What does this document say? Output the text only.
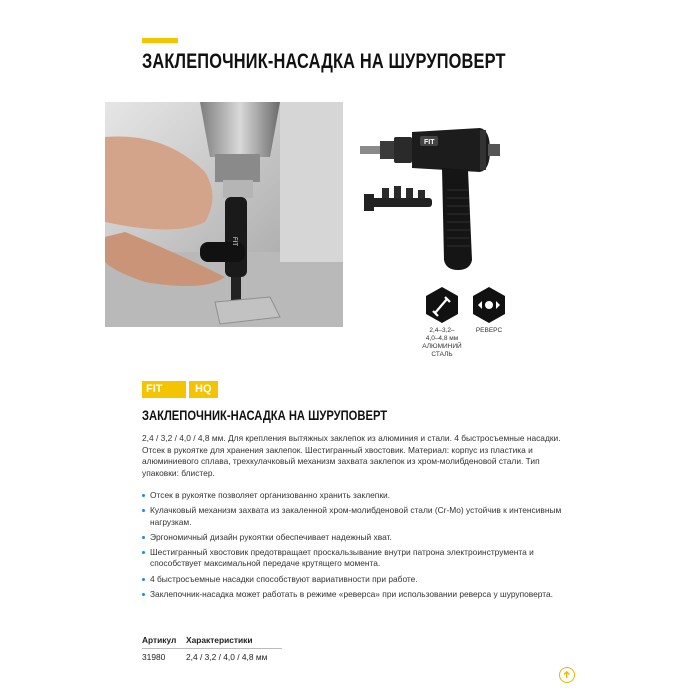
ЗАКЛЕПОЧНИК-НАСАДКА НА ШУРУПОВЕРТ
FIT
FIT
2,4–3,2–
4,0–4,8 мм
АЛЮМИНИЙ
СТАЛЬ
РЕВЕРС
FIT	HQ
ЗАКЛЕПОЧНИК-НАСАДКА НА ШУРУПОВЕРТ
2,4 / 3,2 / 4,0 / 4,8 мм. Для крепления вытяжных заклепок из алюминия и стали. 4 быстросъемные насадки. Отсек в рукоятке для хранения заклепок. Шестигранный хвостовик. Материал: корпус из пластика и алюминиевого сплава, трехкулачковый механизм захвата заклепок из хром-молибденовой стали. Тип упаковки: блистер.
Отсек в рукоятке позволяет организованно хранить заклепки.
Кулачковый механизм захвата из закаленной хром-молибденовой стали (Cr-Mo) устойчив к интенсивным нагрузкам.
Эргономичный дизайн рукоятки обеспечивает надежный хват.
Шестигранный хвостовик предотвращает проскальзывание внутри патрона электроинструмента и способствует максимальной передаче крутящего момента.
4 быстросъемные насадки способствуют вариативности при работе.
Заклепочник-насадка может работать в режиме «реверса» при использовании реверса у шуруповерта.
Артикул	Характеристики
31980	2,4 / 3,2 / 4,0 / 4,8 мм
